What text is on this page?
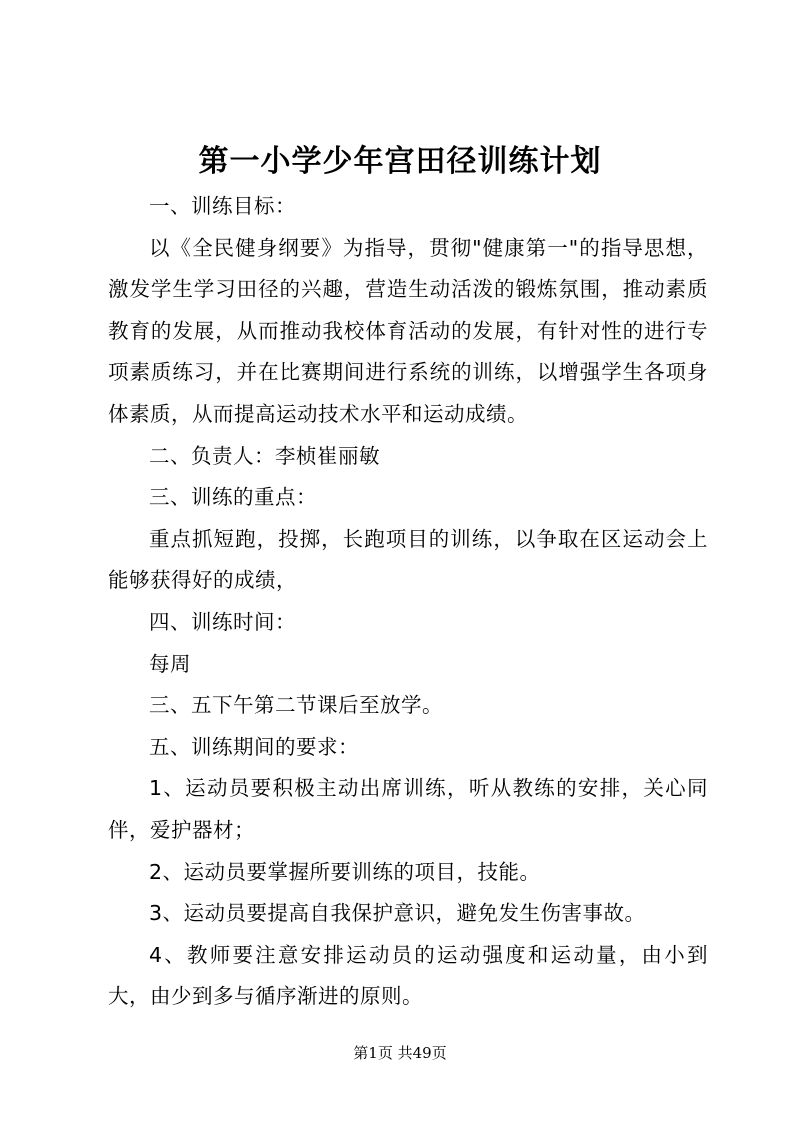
第一小学少年宫田径训练计划

一、训练目标：

以《全民健身纲要》为指导，贯彻"健康第一"的指导思想，激发学生学习田径的兴趣，营造生动活泼的锻炼氛围，推动素质教育的发展，从而推动我校体育活动的发展，有针对性的进行专项素质练习，并在比赛期间进行系统的训练，以增强学生各项身体素质，从而提高运动技术水平和运动成绩。

二、负责人：李桢崔丽敏

三、训练的重点：

重点抓短跑，投掷，长跑项目的训练，以争取在区运动会上能够获得好的成绩，

四、训练时间：

每周

三、五下午第二节课后至放学。

五、训练期间的要求：

1、运动员要积极主动出席训练，听从教练的安排，关心同伴，爱护器材；

2、运动员要掌握所要训练的项目，技能。

3、运动员要提高自我保护意识，避免发生伤害事故。

4、教师要注意安排运动员的运动强度和运动量，由小到大，由少到多与循序渐进的原则。

第1页 共49页
